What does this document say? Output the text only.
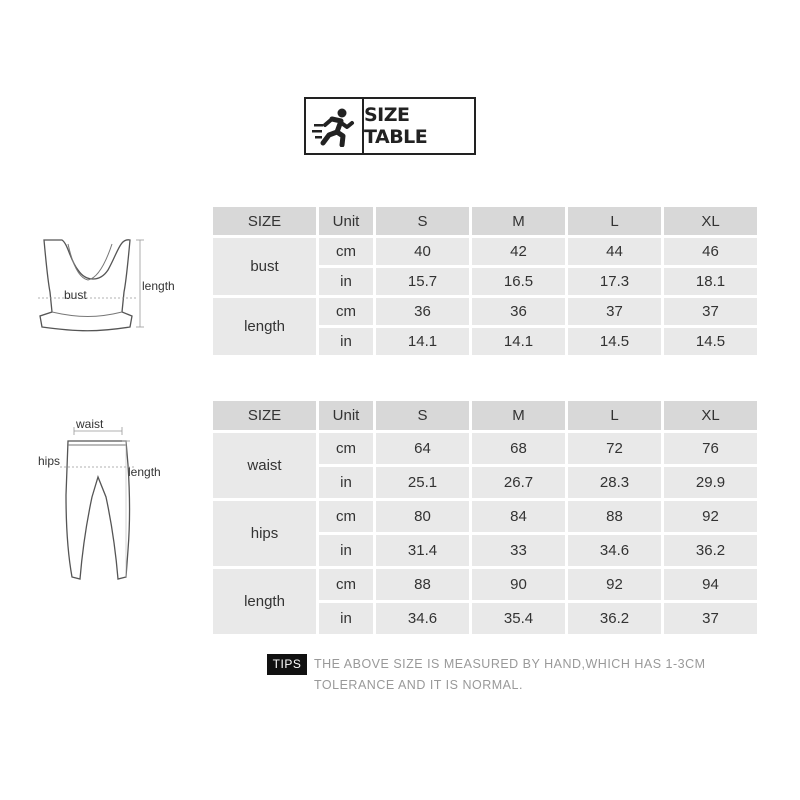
SIZE TABLE
bust
length
waist
hips
length
SIZE	Unit	S	M	L	XL
bust	cm	40	42	44	46
	in	15.7	16.5	17.3	18.1
length	cm	36	36	37	37
	in	14.1	14.1	14.5	14.5
SIZE	Unit	S	M	L	XL
waist	cm	64	68	72	76
	in	25.1	26.7	28.3	29.9
hips	cm	80	84	88	92
	in	31.4	33	34.6	36.2
length	cm	88	90	92	94
	in	34.6	35.4	36.2	37
TIPS	THE ABOVE SIZE IS MEASURED BY HAND,WHICH HAS 1-3CM
TOLERANCE AND IT IS NORMAL.
